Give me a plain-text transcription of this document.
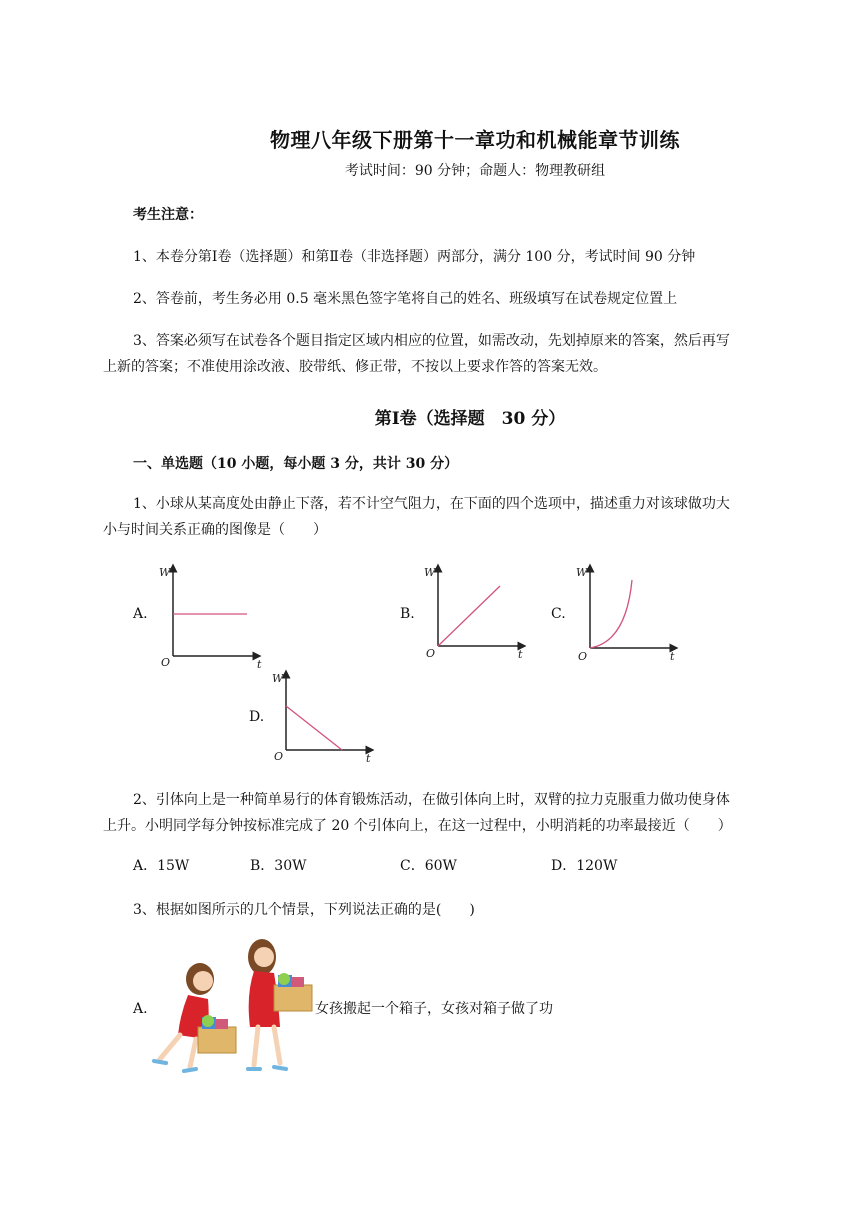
物理八年级下册第十一章功和机械能章节训练
考试时间：90 分钟；命题人：物理教研组
考生注意：
1、本卷分第Ⅰ卷（选择题）和第Ⅱ卷（非选择题）两部分，满分 100 分，考试时间 90 分钟
2、答卷前，考生务必用 0.5 毫米黑色签字笔将自己的姓名、班级填写在试卷规定位置上
3、答案必须写在试卷各个题目指定区域内相应的位置，如需改动，先划掉原来的答案，然后再写
上新的答案；不准使用涂改液、胶带纸、修正带，不按以上要求作答的答案无效。
第Ⅰ卷（选择题　30 分）
一、单选题（10 小题，每小题 3 分，共计 30 分）
1、小球从某高度处由静止下落，若不计空气阻力，在下面的四个选项中，描述重力对该球做功大
小与时间关系正确的图像是（　　）
A.
W
O	t
B.
W
O	t
C.
W
O	t
D.
W
O	t
2、引体向上是一种简单易行的体育锻炼活动，在做引体向上时，双臂的拉力克服重力做功使身体
上升。小明同学每分钟按标准完成了 20 个引体向上，在这一过程中，小明消耗的功率最接近（　　）
A．15W	B．30W	C．60W	D．120W
3、根据如图所示的几个情景，下列说法正确的是(　　)
A.	女孩搬起一个箱子，女孩对箱子做了功
